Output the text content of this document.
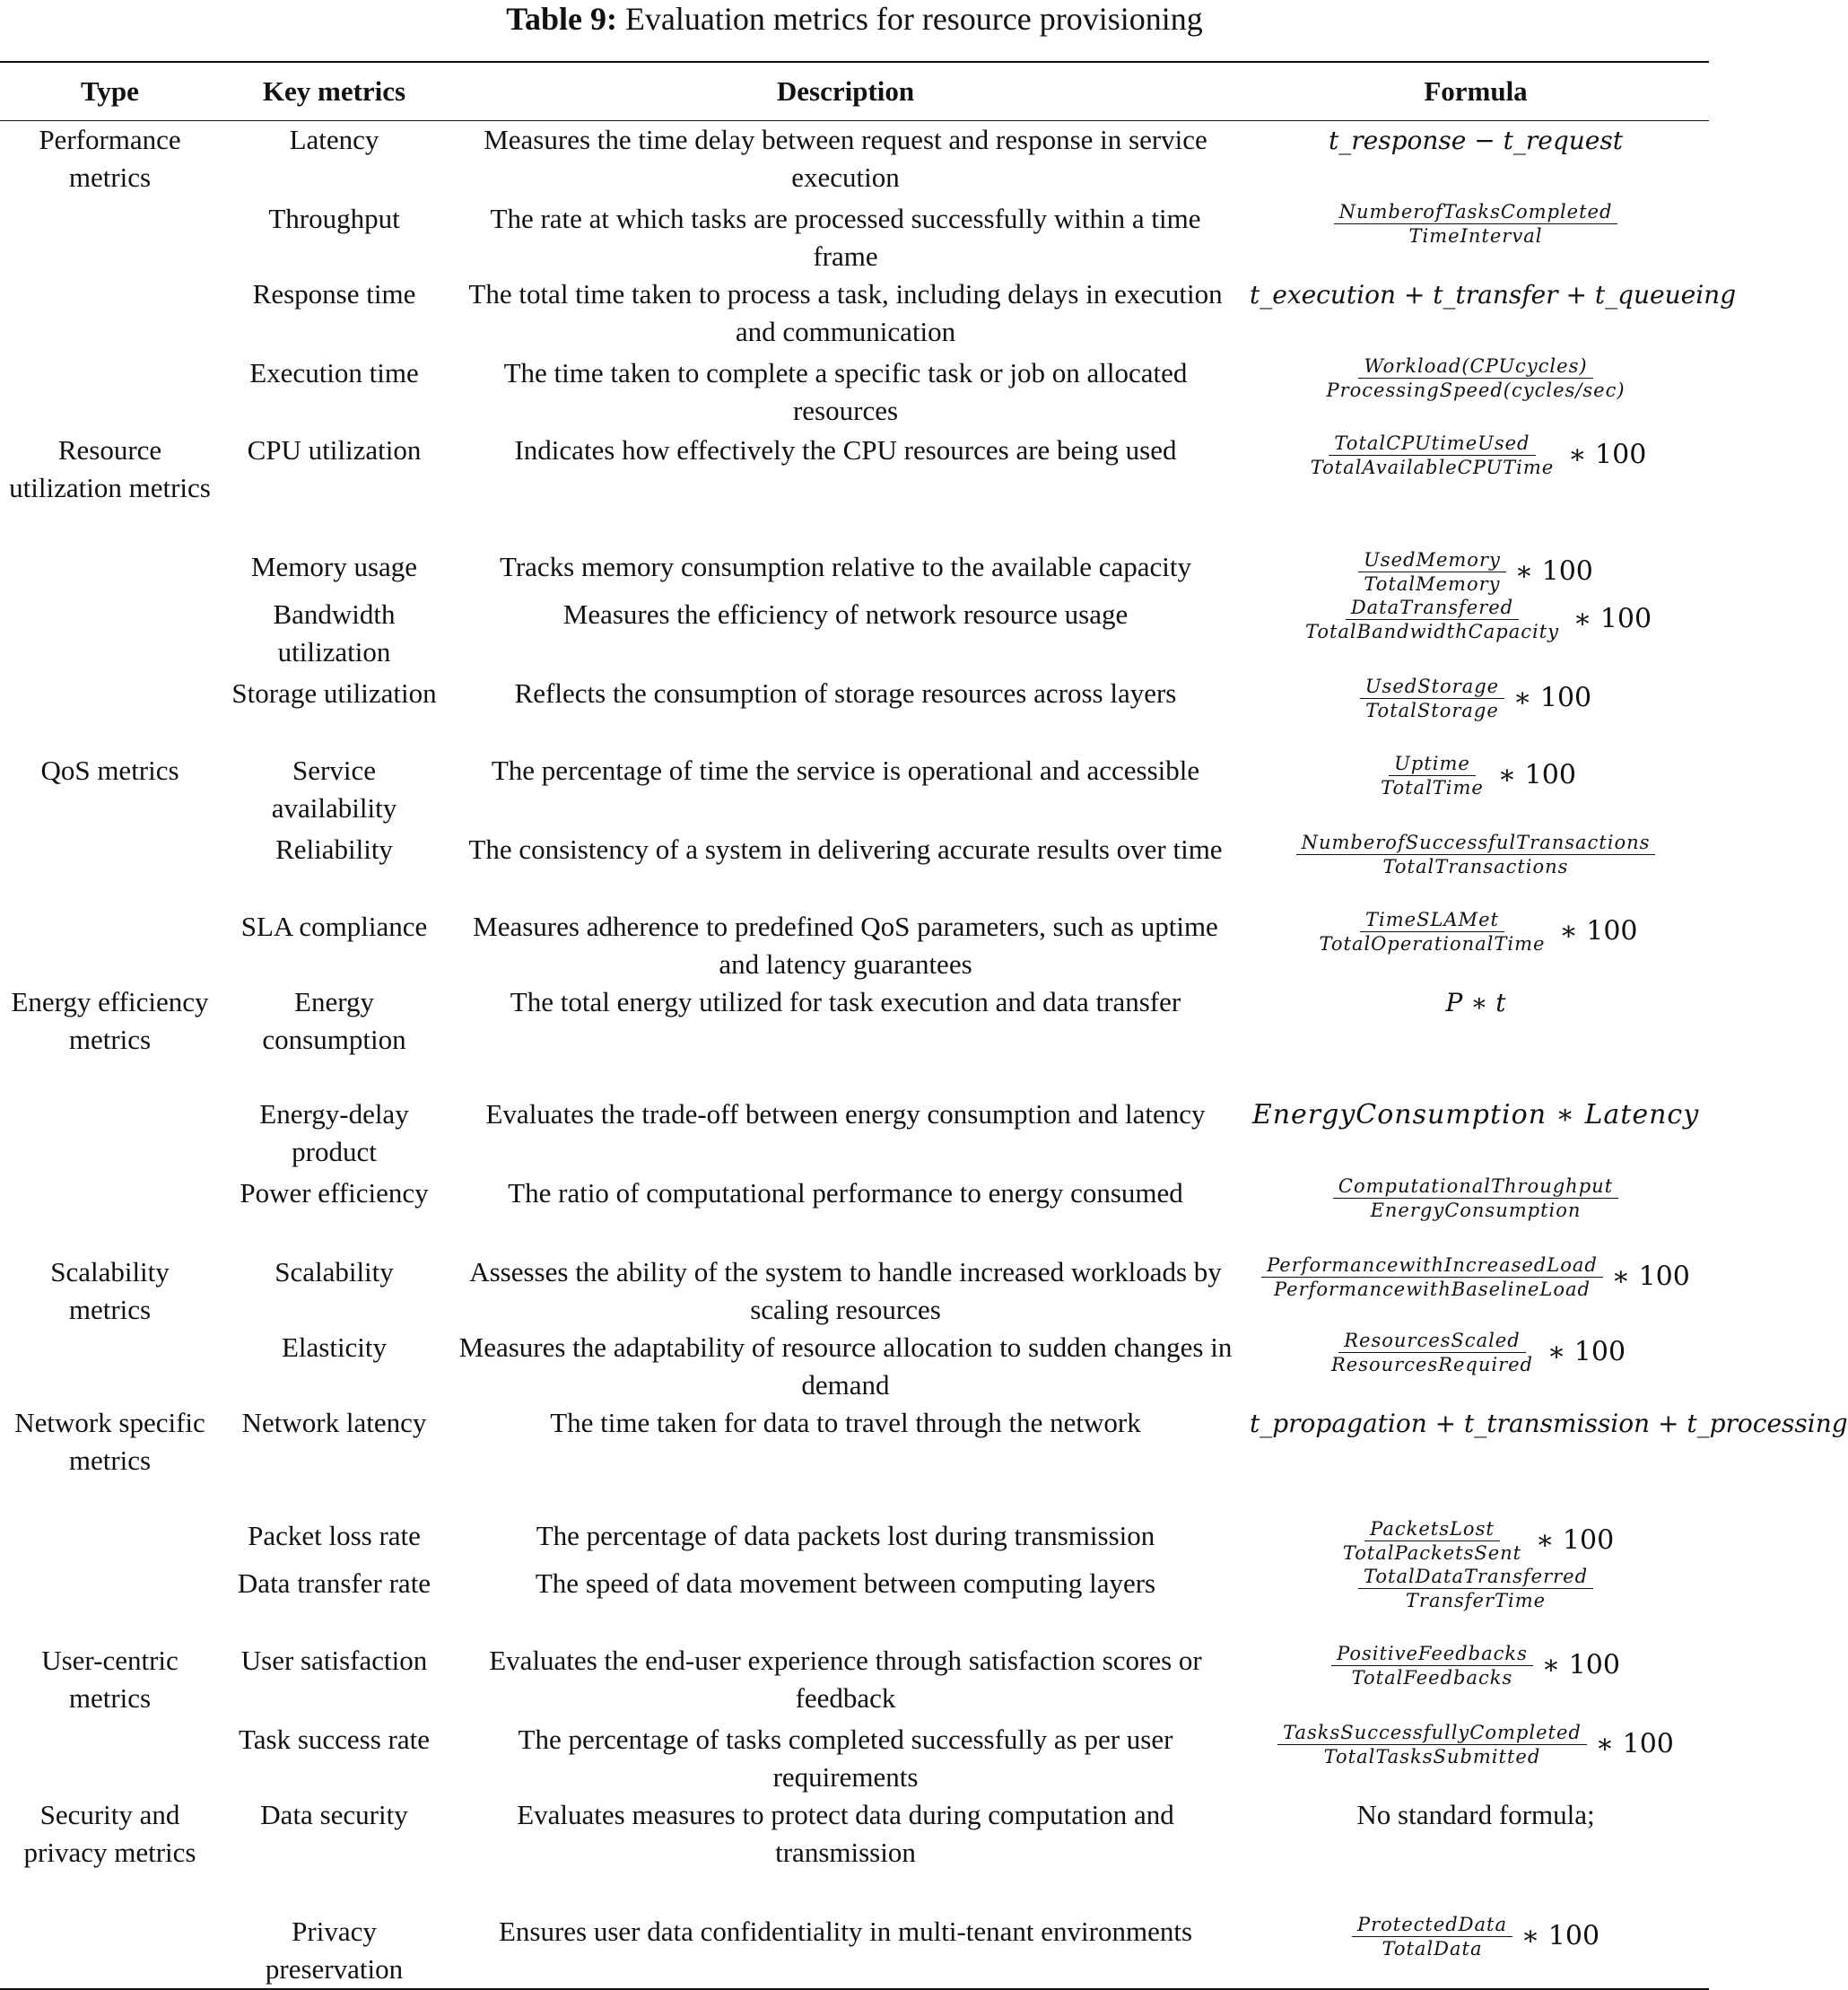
Table 9: Evaluation metrics for resource provisioning
Type	Key metrics	Description	Formula
Performance metrics	Latency	Measures the time delay between request and response in service execution	t_response − t_request
	Throughput	The rate at which tasks are processed successfully within a time frame	$\frac{\text{NumberofTasksCompleted}}{\text{TimeInterval}}$

	Response time	The total time taken to process a task, including delays in execution and communication	t_execution + t_transfer + t_queueing
	Execution time	The time taken to complete a specific task or job on allocated resources	$\frac{\text{Workload(CPUcycles)}}{\text{ProcessingSpeed(cycles/sec)}}$

Resource utilization metrics	CPU utilization	Indicates how effectively the CPU resources are being used	$\frac{\text{TotalCPUtimeUsed}}{\text{TotalAvailableCPUTime}}$ ∗ 100
	Memory usage	Tracks memory consumption relative to the available capacity	$\frac{\text{UsedMemory}}{\text{TotalMemory}}$ ∗ 100
	Bandwidth utilization	Measures the efficiency of network resource usage	$\frac{\text{DataTransfered}}{\text{TotalBandwidthCapacity}}$ ∗ 100
	Storage utilization	Reflects the consumption of storage resources across layers	$\frac{\text{UsedStorage}}{\text{TotalStorage}}$ ∗ 100
QoS metrics	Service availability	The percentage of time the service is operational and accessible	$\frac{\text{Uptime}}{\text{TotalTime}}$ ∗ 100
	Reliability	The consistency of a system in delivering accurate results over time	$\frac{\text{NumberofSuccessfulTransactions}}{\text{TotalTransactions}}$

	SLA compliance	Measures adherence to predefined QoS parameters, such as uptime and latency guarantees	$\frac{\text{TimeSLAMet}}{\text{TotalOperationalTime}}$ ∗ 100
Energy efficiency metrics	Energy consumption	The total energy utilized for task execution and data transfer	P ∗ t
	Energy-delay product	Evaluates the trade-off between energy consumption and latency	EnergyConsumption ∗ Latency
	Power efficiency	The ratio of computational performance to energy consumed	$\frac{\text{ComputationalThroughput}}{\text{EnergyConsumption}}$

Scalability metrics	Scalability	Assesses the ability of the system to handle increased workloads by scaling resources	$\frac{\text{PerformancewithIncreasedLoad}}{\text{PerformancewithBaselineLoad}}$ ∗ 100
	Elasticity	Measures the adaptability of resource allocation to sudden changes in demand	$\frac{\text{ResourcesScaled}}{\text{ResourcesRequired}}$ ∗ 100
Network specific metrics	Network latency	The time taken for data to travel through the network	t_propagation + t_transmission + t_processing
	Packet loss rate	The percentage of data packets lost during transmission	$\frac{\text{PacketsLost}}{\text{TotalPacketsSent}}$ ∗ 100
	Data transfer rate	The speed of data movement between computing layers	$\frac{\text{TotalDataTransferred}}{\text{TransferTime}}$

User-centric metrics	User satisfaction	Evaluates the end-user experience through satisfaction scores or feedback	$\frac{\text{PositiveFeedbacks}}{\text{TotalFeedbacks}}$ ∗ 100
	Task success rate	The percentage of tasks completed successfully as per user requirements	$\frac{\text{TasksSuccessfullyCompleted}}{\text{TotalTasksSubmitted}}$ ∗ 100
Security and privacy metrics	Data security	Evaluates measures to protect data during computation and transmission	No standard formula;
	Privacy preservation	Ensures user data confidentiality in multi-tenant environments	$\frac{\text{ProtectedData}}{\text{TotalData}}$ ∗ 100
